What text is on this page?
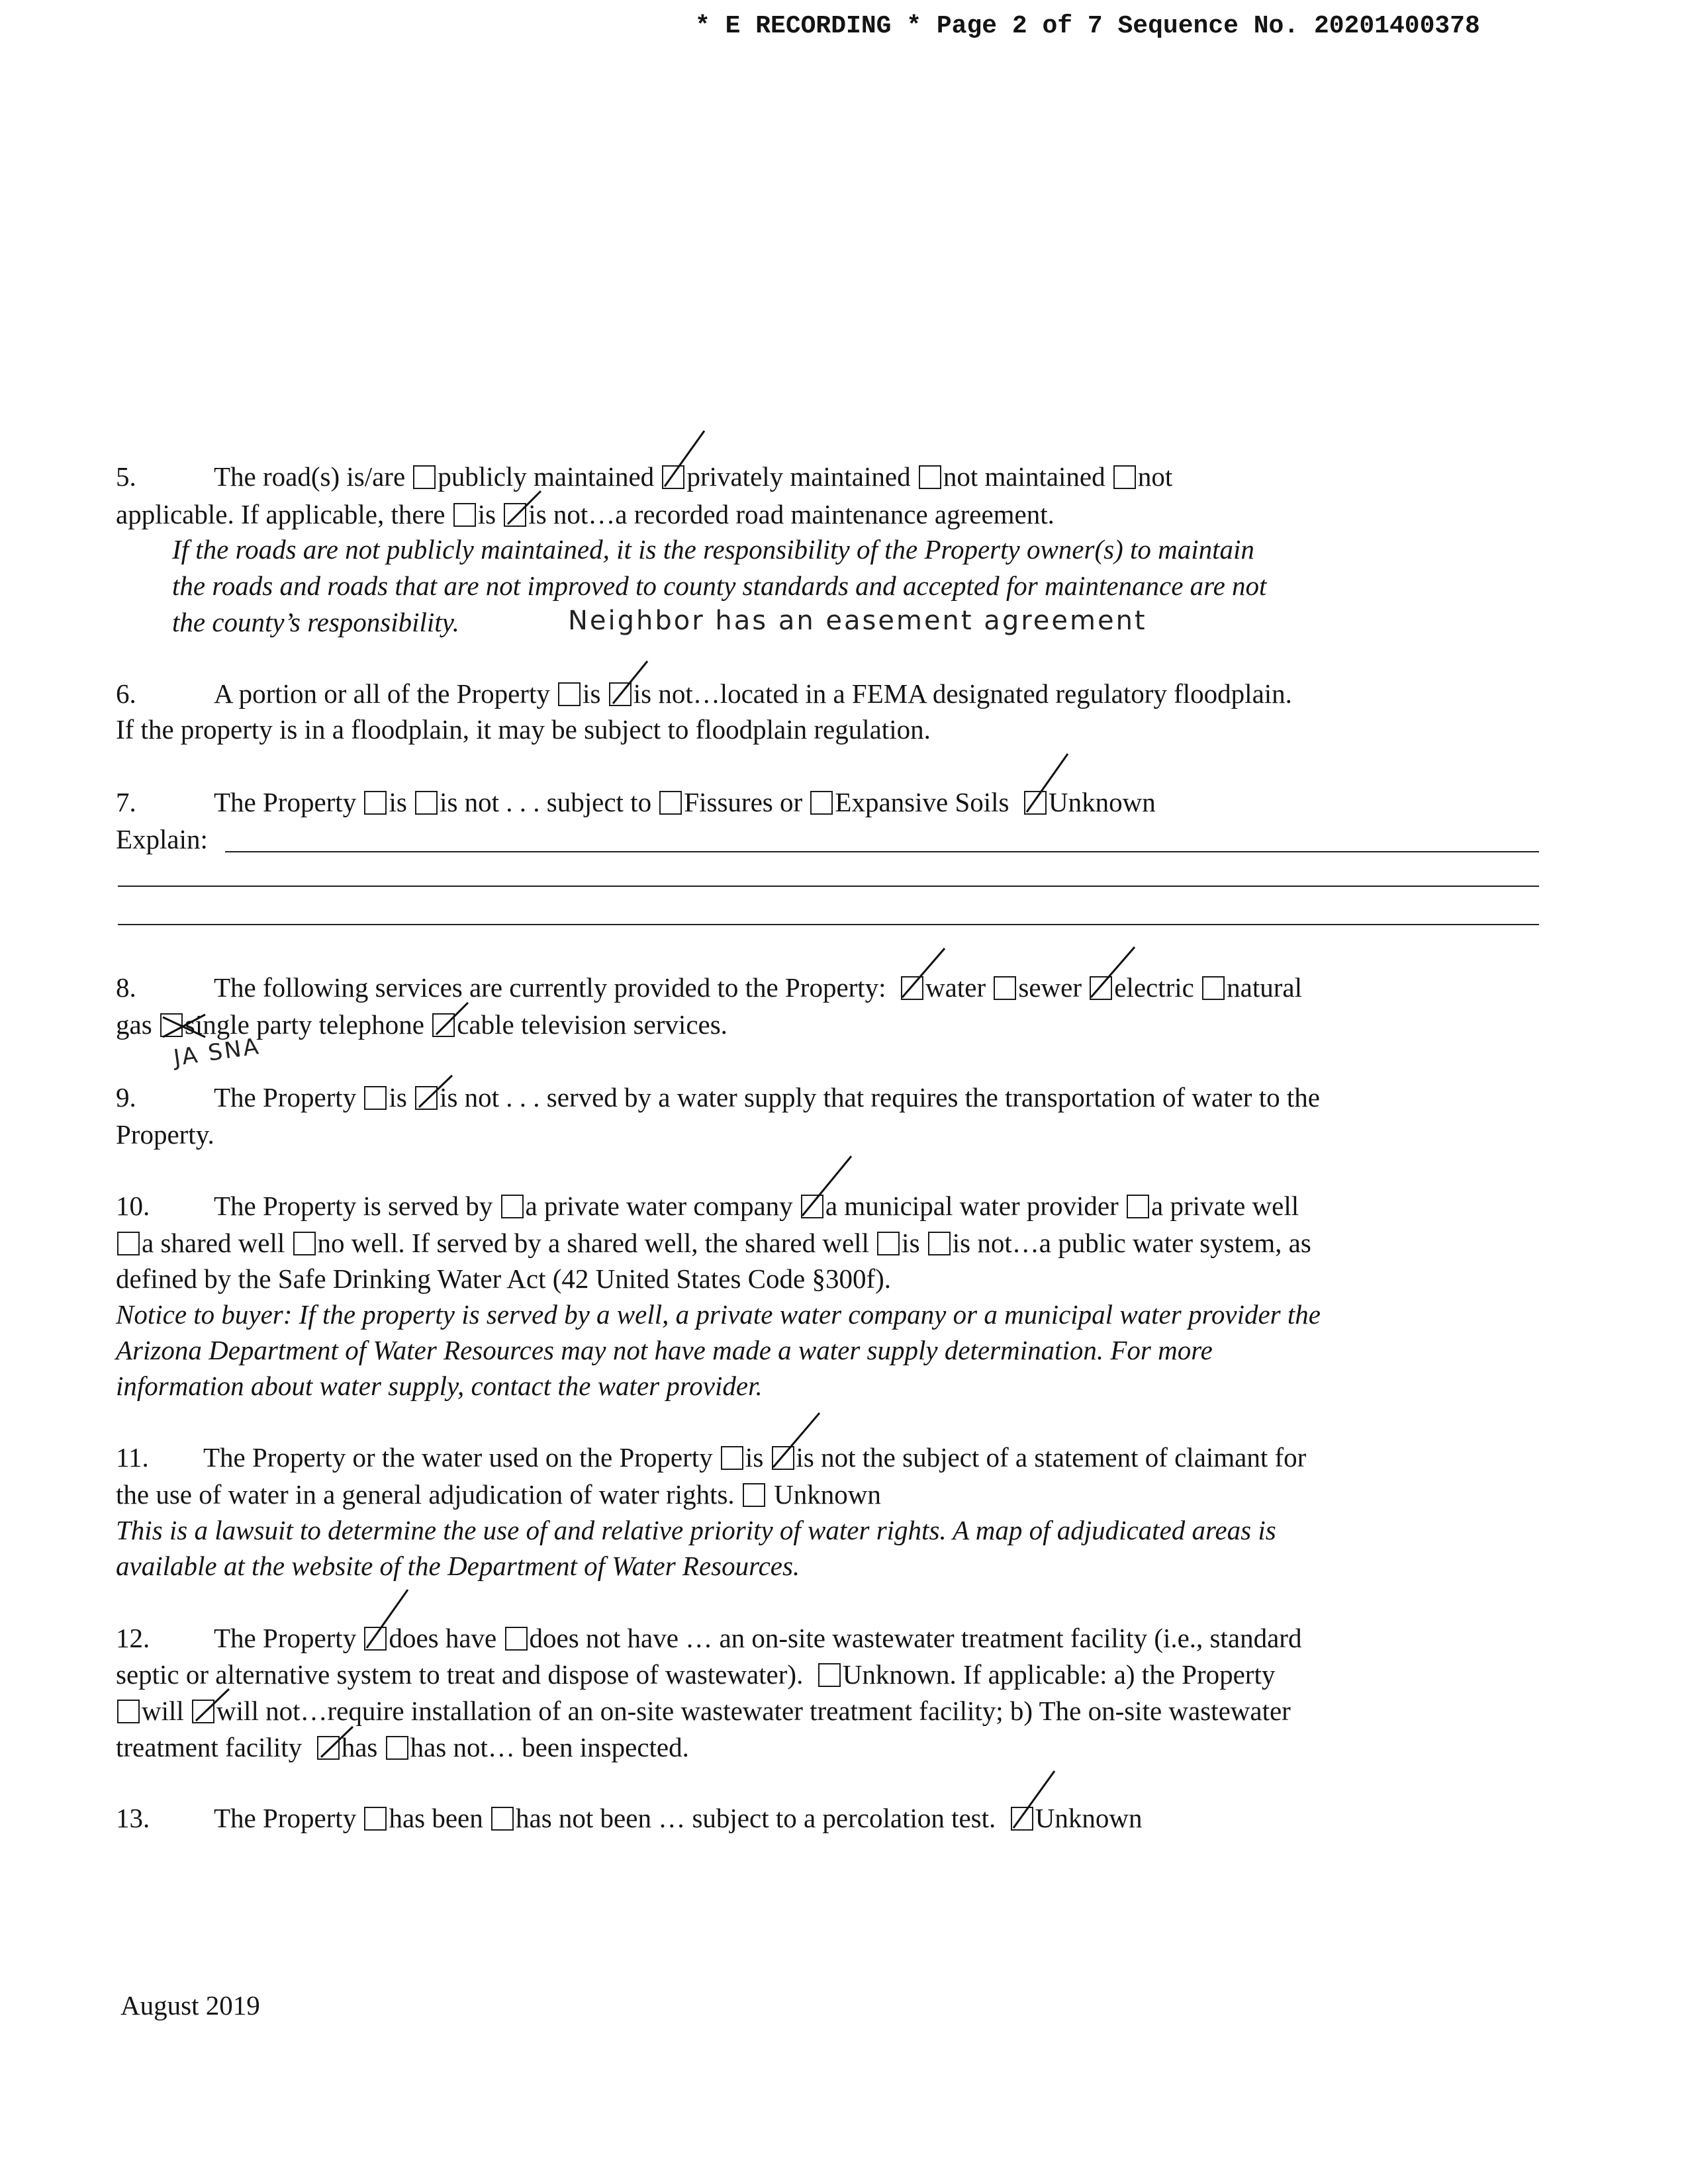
* E RECORDING * Page 2 of 7 Sequence No. 20201400378
5.	The road(s) is/are publicly maintained privately maintained not maintained not
applicable. If applicable, there is is not…a recorded road maintenance agreement.
If the roads are not publicly maintained, it is the responsibility of the Property owner(s) to maintain
the roads and roads that are not improved to county standards and accepted for maintenance are not
the county’s responsibility.	Neighbor has an easement agreement
6.	A portion or all of the Property is is not…located in a FEMA designated regulatory floodplain.
If the property is in a floodplain, it may be subject to floodplain regulation.
7.	The Property is is not . . . subject to Fissures or Expansive Soils Unknown
Explain:
8.	The following services are currently provided to the Property: water sewer electric natural
gas single party telephone cable television services.
JA SNA
9.	The Property is is not . . . served by a water supply that requires the transportation of water to the
Property.
10. The Property is served by a private water company a municipal water provider a private well
a shared well no well. If served by a shared well, the shared well is is not…a public water system, as
defined by the Safe Drinking Water Act (42 United States Code §300f).
Notice to buyer: If the property is served by a well, a private water company or a municipal water provider the
Arizona Department of Water Resources may not have made a water supply determination. For more
information about water supply, contact the water provider.
11. The Property or the water used on the Property is is not the subject of a statement of claimant for
the use of water in a general adjudication of water rights. Unknown
This is a lawsuit to determine the use of and relative priority of water rights. A map of adjudicated areas is
available at the website of the Department of Water Resources.
12. The Property does have does not have … an on-site wastewater treatment facility (i.e., standard
septic or alternative system to treat and dispose of wastewater). Unknown. If applicable: a) the Property
will will not…require installation of an on-site wastewater treatment facility; b) The on-site wastewater
treatment facility has has not… been inspected.
13. The Property has been has not been … subject to a percolation test. Unknown
August 2019
